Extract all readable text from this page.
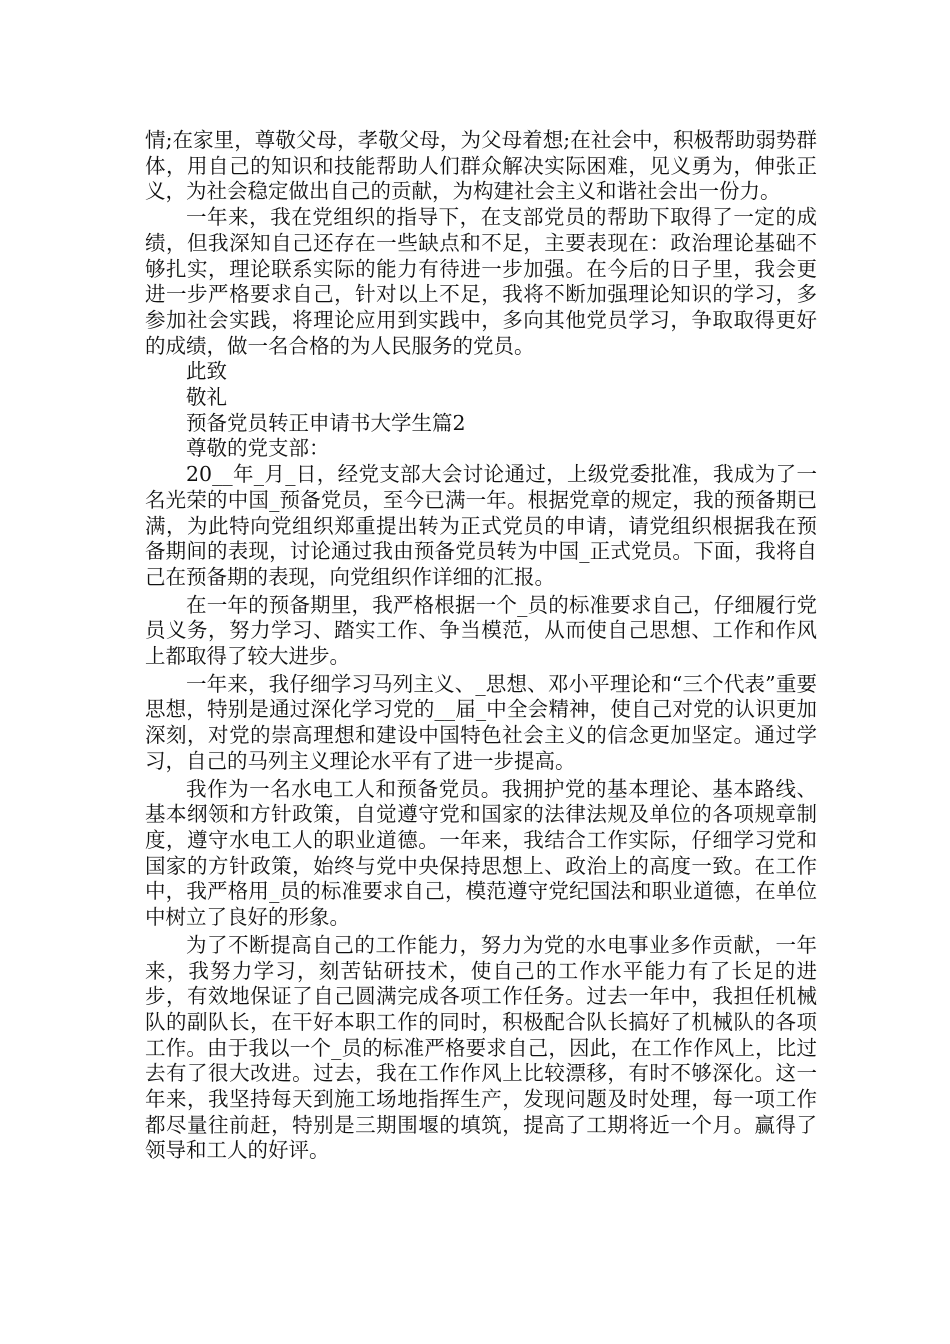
情;在家里，尊敬父母，孝敬父母，为父母着想;在社会中，积极帮助弱势群体，用自己的知识和技能帮助人们群众解决实际困难，见义勇为，伸张正义，为社会稳定做出自己的贡献，为构建社会主义和谐社会出一份力。

一年来，我在党组织的指导下，在支部党员的帮助下取得了一定的成绩，但我深知自己还存在一些缺点和不足，主要表现在：政治理论基础不够扎实，理论联系实际的能力有待进一步加强。在今后的日子里，我会更进一步严格要求自己，针对以上不足，我将不断加强理论知识的学习，多参加社会实践，将理论应用到实践中，多向其他党员学习，争取取得更好的成绩，做一名合格的为人民服务的党员。

此致

敬礼

预备党员转正申请书大学生篇2

尊敬的党支部：

20__年_月_日，经党支部大会讨论通过，上级党委批准，我成为了一名光荣的中国_预备党员，至今已满一年。根据党章的规定，我的预备期已满，为此特向党组织郑重提出转为正式党员的申请，请党组织根据我在预备期间的表现，讨论通过我由预备党员转为中国_正式党员。下面，我将自己在预备期的表现，向党组织作详细的汇报。

在一年的预备期里，我严格根据一个_员的标准要求自己，仔细履行党员义务，努力学习、踏实工作、争当模范，从而使自己思想、工作和作风上都取得了较大进步。

一年来，我仔细学习马列主义、_思想、邓小平理论和“三个代表”重要思想，特别是通过深化学习党的__届_中全会精神，使自己对党的认识更加深刻，对党的崇高理想和建设中国特色社会主义的信念更加坚定。通过学习，自己的马列主义理论水平有了进一步提高。

我作为一名水电工人和预备党员。我拥护党的基本理论、基本路线、基本纲领和方针政策，自觉遵守党和国家的法律法规及单位的各项规章制度，遵守水电工人的职业道德。一年来，我结合工作实际，仔细学习党和国家的方针政策，始终与党中央保持思想上、政治上的高度一致。在工作中，我严格用_员的标准要求自己，模范遵守党纪国法和职业道德，在单位中树立了良好的形象。

为了不断提高自己的工作能力，努力为党的水电事业多作贡献，一年来，我努力学习，刻苦钻研技术，使自己的工作水平能力有了长足的进步，有效地保证了自己圆满完成各项工作任务。过去一年中，我担任机械队的副队长，在干好本职工作的同时，积极配合队长搞好了机械队的各项工作。由于我以一个_员的标准严格要求自己，因此，在工作作风上，比过去有了很大改进。过去，我在工作作风上比较漂移，有时不够深化。这一年来，我坚持每天到施工场地指挥生产，发现问题及时处理，每一项工作都尽量往前赶，特别是三期围堰的填筑，提高了工期将近一个月。赢得了领导和工人的好评。
